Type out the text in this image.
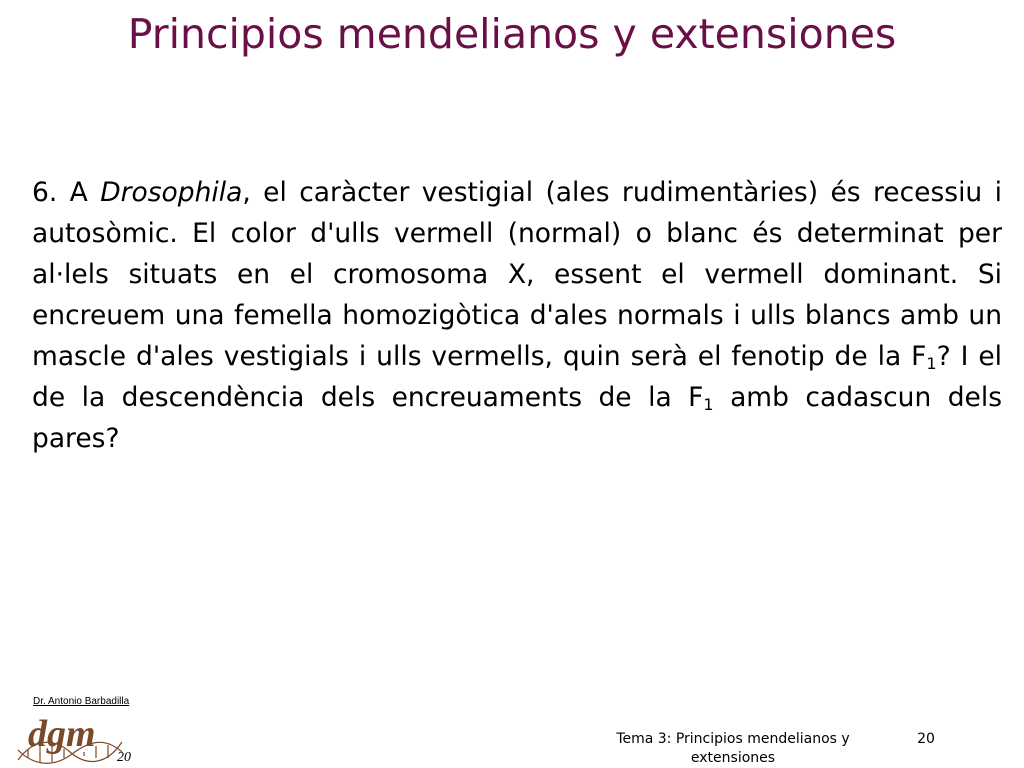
Principios mendelianos y extensiones

6. A Drosophila, el caràcter vestigial (ales rudimentàries) és recessiu i autosòmic. El color d'ulls vermell (normal) o blanc és determinat per al·lels situats en el cromosoma X, essent el vermell dominant. Si encreuem una femella homozigòtica d'ales normals i ulls blancs amb un mascle d'ales vestigials i ulls vermells, quin serà el fenotip de la $F_1$? I el de la descendència dels encreuaments de la $F_1$ amb cadascun dels pares?

Dr. Antonio Barbadilla
dgm
20
Tema 3: Principios mendelianos y extensiones
20
